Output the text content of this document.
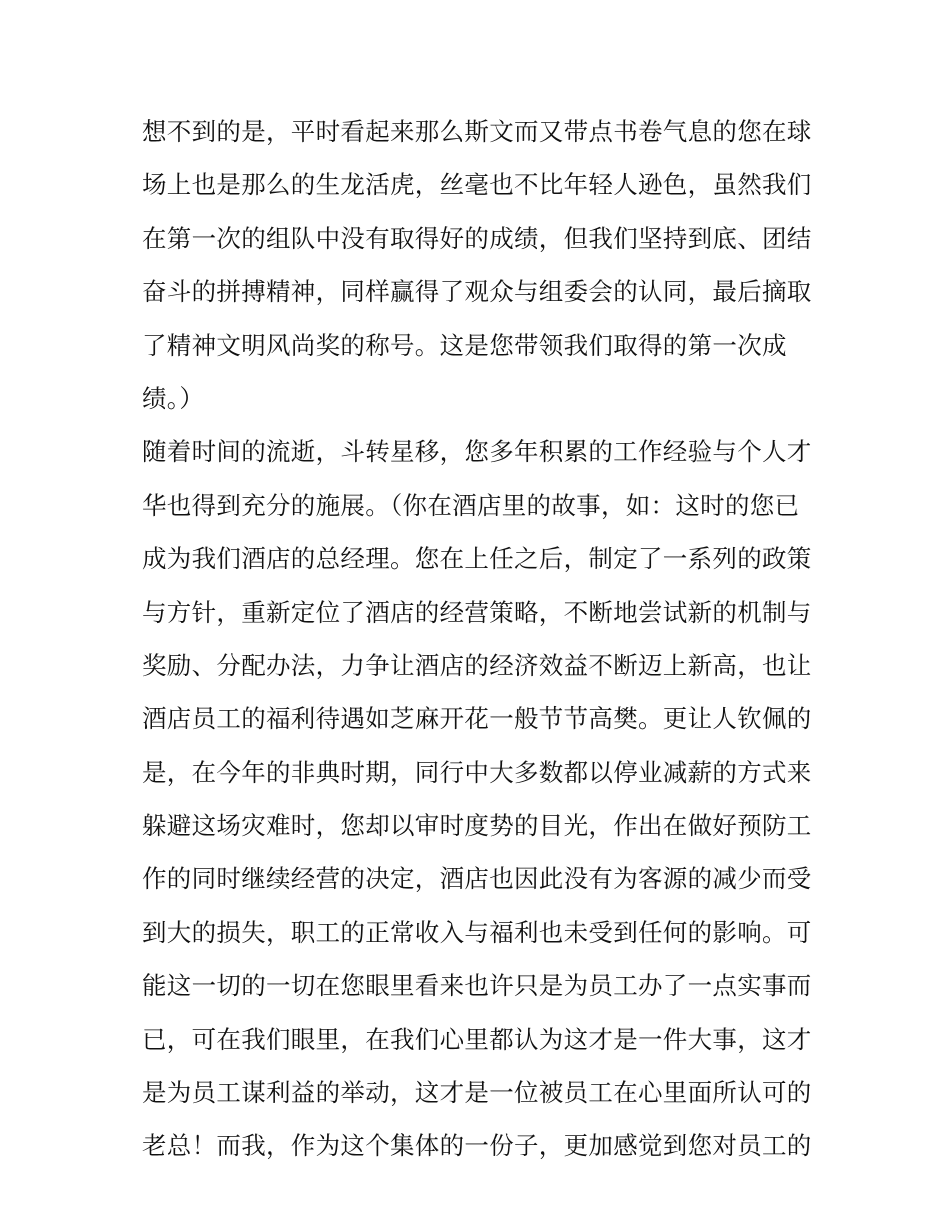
想不到的是，平时看起来那么斯文而又带点书卷气息的您在球
场上也是那么的生龙活虎，丝毫也不比年轻人逊色，虽然我们
在第一次的组队中没有取得好的成绩，但我们坚持到底、团结
奋斗的拼搏精神，同样赢得了观众与组委会的认同，最后摘取
了精神文明风尚奖的称号。这是您带领我们取得的第一次成
绩。）
随着时间的流逝，斗转星移，您多年积累的工作经验与个人才
华也得到充分的施展。（你在酒店里的故事，如：这时的您已
成为我们酒店的总经理。您在上任之后，制定了一系列的政策
与方针，重新定位了酒店的经营策略，不断地尝试新的机制与
奖励、分配办法，力争让酒店的经济效益不断迈上新高，也让
酒店员工的福利待遇如芝麻开花一般节节高樊。更让人钦佩的
是，在今年的非典时期，同行中大多数都以停业减薪的方式来
躲避这场灾难时，您却以审时度势的目光，作出在做好预防工
作的同时继续经营的决定，酒店也因此没有为客源的减少而受
到大的损失，职工的正常收入与福利也未受到任何的影响。可
能这一切的一切在您眼里看来也许只是为员工办了一点实事而
已，可在我们眼里，在我们心里都认为这才是一件大事，这才
是为员工谋利益的举动，这才是一位被员工在心里面所认可的
老总！而我，作为这个集体的一份子，更加感觉到您对员工的
